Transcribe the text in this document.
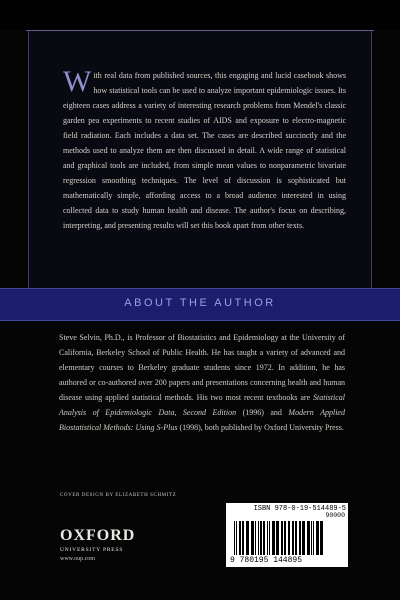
With real data from published sources, this engaging and lucid casebook shows how statistical tools can be used to analyze important epidemiologic issues. Its eighteen cases address a variety of interesting research problems from Mendel's classic garden pea experiments to recent studies of AIDS and exposure to electro-magnetic field radiation. Each includes a data set. The cases are described succinctly and the methods used to analyze them are then discussed in detail. A wide range of statistical and graphical tools are included, from simple mean values to nonparametric bivariate regression smoothing techniques. The level of discussion is sophisticated but mathematically simple, affording access to a broad audience interested in using collected data to study human health and disease. The author's focus on describing, interpreting, and presenting results will set this book apart from other texts.

ABOUT THE AUTHOR

Steve Selvin, Ph.D., is Professor of Biostatistics and Epidemiology at the University of California, Berkeley School of Public Health. He has taught a variety of advanced and elementary courses to Berkeley graduate students since 1972. In addition, he has authored or co-authored over 200 papers and presentations concerning health and human disease using applied statistical methods. His two most recent textbooks are Statistical Analysis of Epidemiologic Data, Second Edition (1996) and Modern Applied Biostatistical Methods: Using S-Plus (1998), both published by Oxford University Press.

COVER DESIGN BY ELIZABETH SCHMITZ
OXFORD
UNIVERSITY PRESS
www.oup.com
ISBN 978-0-19-514489-5
90000
9 780195 144895
